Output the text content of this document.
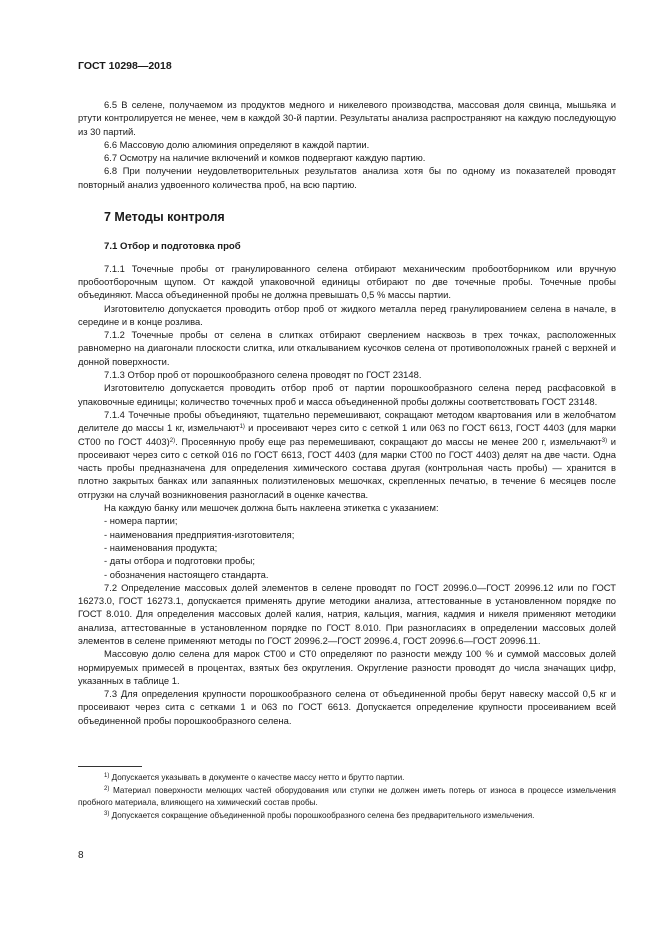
ГОСТ 10298—2018

6.5 В селене, получаемом из продуктов медного и никелевого производства, массовая доля свинца, мышьяка и ртути контролируется не менее, чем в каждой 30-й партии. Результаты анализа распространяют на каждую последующую из 30 партий.

6.6 Массовую долю алюминия определяют в каждой партии.

6.7 Осмотру на наличие включений и комков подвергают каждую партию.

6.8 При получении неудовлетворительных результатов анализа хотя бы по одному из показателей проводят повторный анализ удвоенного количества проб, на всю партию.

7 Методы контроля
7.1 Отбор и подготовка проб

7.1.1 Точечные пробы от гранулированного селена отбирают механическим пробоотборником или вручную пробоотборочным щупом. От каждой упаковочной единицы отбирают по две точечные пробы. Точечные пробы объединяют. Масса объединенной пробы не должна превышать 0,5 % массы партии.

Изготовителю допускается проводить отбор проб от жидкого металла перед гранулированием селена в начале, в середине и в конце розлива.

7.1.2 Точечные пробы от селена в слитках отбирают сверлением насквозь в трех точках, расположенных равномерно на диагонали плоскости слитка, или откалыванием кусочков селена от противоположных граней с верхней и донной поверхности.

7.1.3 Отбор проб от порошкообразного селена проводят по ГОСТ 23148.

Изготовителю допускается проводить отбор проб от партии порошкообразного селена перед расфасовкой в упаковочные единицы; количество точечных проб и масса объединенной пробы должны соответствовать ГОСТ 23148.

7.1.4 Точечные пробы объединяют, тщательно перемешивают, сокращают методом квартования или в желобчатом делителе до массы 1 кг, измельчают$^{1)}$ и просеивают через сито с сеткой 1 или 063 по ГОСТ 6613, ГОСТ 4403 (для марки СТ00 по ГОСТ 4403)$^{2)}$. Просеянную пробу еще раз перемешивают, сокращают до массы не менее 200 г, измельчают$^{3)}$ и просеивают через сито с сеткой 016 по ГОСТ 6613, ГОСТ 4403 (для марки СТ00 по ГОСТ 4403) делят на две части. Одна часть пробы предназначена для определения химического состава другая (контрольная часть пробы) — хранится в плотно закрытых банках или запаянных полиэтиленовых мешочках, скрепленных печатью, в течение 6 месяцев после отгрузки на случай возникновения разногласий в оценке качества.

На каждую банку или мешочек должна быть наклеена этикетка с указанием:

- номера партии;

- наименования предприятия-изготовителя;

- наименования продукта;

- даты отбора и подготовки пробы;

- обозначения настоящего стандарта.

7.2 Определение массовых долей элементов в селене проводят по ГОСТ 20996.0—ГОСТ 20996.12 или по ГОСТ 16273.0, ГОСТ 16273.1, допускается применять другие методики анализа, аттестованные в установленном порядке по ГОСТ 8.010. Для определения массовых долей калия, натрия, кальция, магния, кадмия и никеля применяют методики анализа, аттестованные в установленном порядке по ГОСТ 8.010. При разногласиях в определении массовых долей элементов в селене применяют методы по ГОСТ 20996.2—ГОСТ 20996.4, ГОСТ 20996.6—ГОСТ 20996.11.

Массовую долю селена для марок СТ00 и СТ0 определяют по разности между 100 % и суммой массовых долей нормируемых примесей в процентах, взятых без округления. Округление разности проводят до числа значащих цифр, указанных в таблице 1.

7.3 Для определения крупности порошкообразного селена от объединенной пробы берут навеску массой 0,5 кг и просеивают через сита с сетками 1 и 063 по ГОСТ 6613. Допускается определение крупности просеиванием всей объединенной пробы порошкообразного селена.

$^{1)}$ Допускается указывать в документе о качестве массу нетто и брутто партии.

$^{2)}$ Материал поверхности мелющих частей оборудования или ступки не должен иметь потерь от износа в процессе измельчения пробного материала, влияющего на химический состав пробы.

$^{3)}$ Допускается сокращение объединенной пробы порошкообразного селена без предварительного измельчения.

8
